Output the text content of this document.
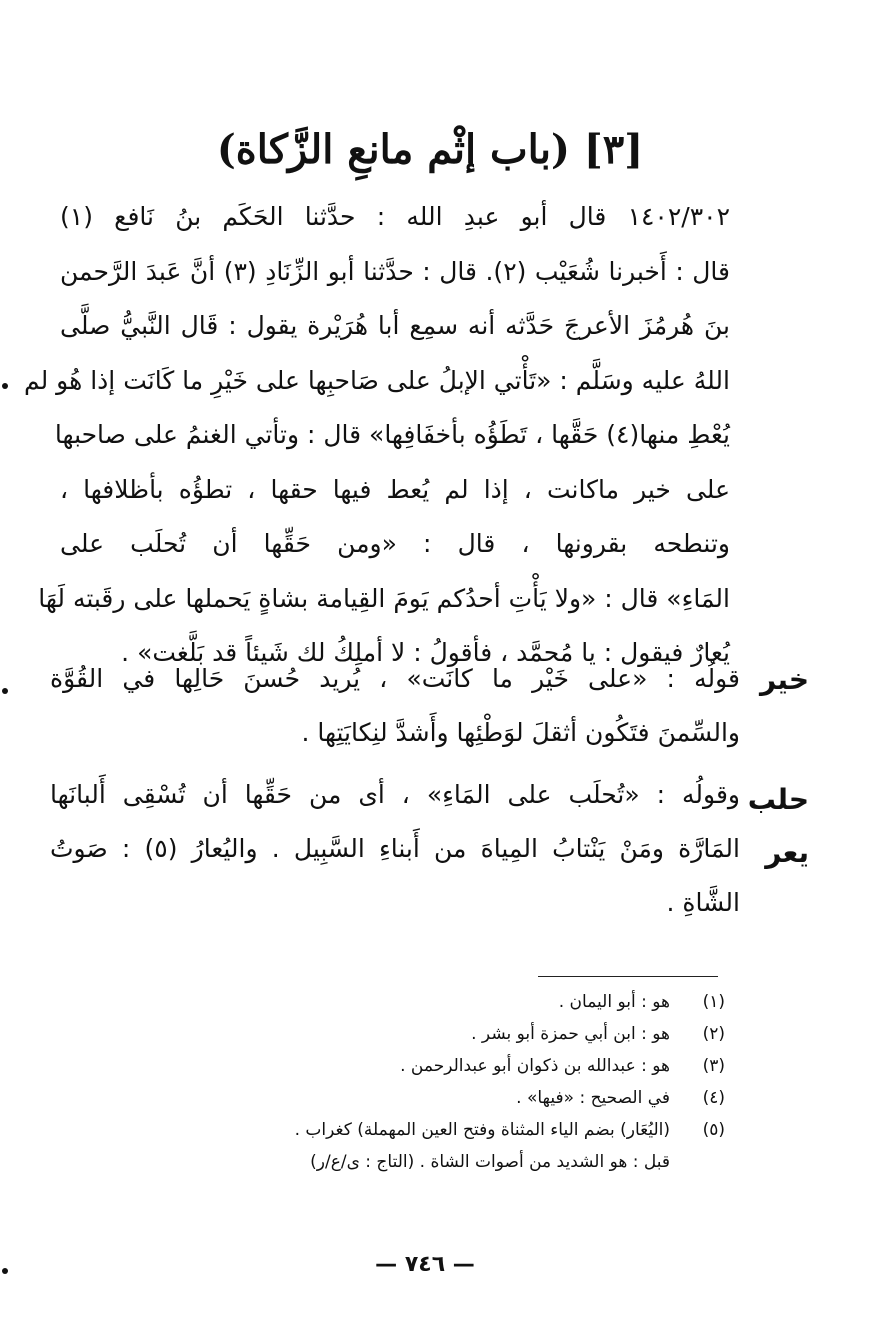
[٣] (باب إثْم مانعِ الزَّكاة)
١٤٠٢/٣٠٢ قال أبو عبدِ الله : حدَّثنا الحَكَم بنُ نَافع (١)
قال : أَخبرنا شُعَيْب (٢). قال : حدَّثنا أبو الزِّنَادِ (٣) أنَّ عَبدَ الرَّحمن
بنَ هُرمُزَ الأعرجَ حَدَّثه أنه سمِع أبا هُرَيْرة يقول : قَال النَّبيُّ صلَّى
اللهُ عليه وسَلَّم : «تَأْتي الإبلُ على صَاحبِها على خَيْرِ ما كَانَت إذا هُو لم
يُعْطِ منها(٤) حَقَّها ، تَطَؤُه بأخفَافِها» قال : وتأتي الغنمُ على صاحبها
على خير ماكانت ، إذا لم يُعط فيها حقها ، تطؤُه بأظلافها ،
وتنطحه بقرونها ، قال : «ومن حَقِّها أن تُحلَب على
المَاءِ» قال : «ولا يَأْتِ أحدُكم يَومَ القِيامة بشاةٍ يَحملها على رقَبته لَهَا
يُعارٌ فيقول : يا مُحمَّد ، فأقولُ : لا أملِكُ لك شَيئاً قد بَلَّغت» .
خير
قولُه : «على خَيْر ما كانَت» ، يُريد حُسنَ حَالِها في القُوَّة
والسِّمنَ فتَكُون أثقلَ لوَطْئِها وأَشدَّ لنِكايَتِها .
حلب
يعر
وقولُه : «تُحلَب على المَاءِ» ، أى من حَقِّها أن تُسْقِى أَلبانَها
المَارَّة ومَنْ يَنْتابُ المِياهَ من أَبناءِ السَّبِيل . واليُعارُ (٥) : صَوتُ
الشَّاةِ .
(١)
هو : أبو اليمان .
(٢)
هو : ابن أبي حمزة أبو بشر .
(٣)
هو : عبدالله بن ذكوان أبو عبدالرحمن .
(٤)
في الصحيح : «فيها» .
(٥)
(اليُعَار) بضم الياء المثناة وفتح العين المهملة) كغراب .
قبل : هو الشديد من أصوات الشاة . (التاج : ى/ع/ر)
— ٧٤٦ —
